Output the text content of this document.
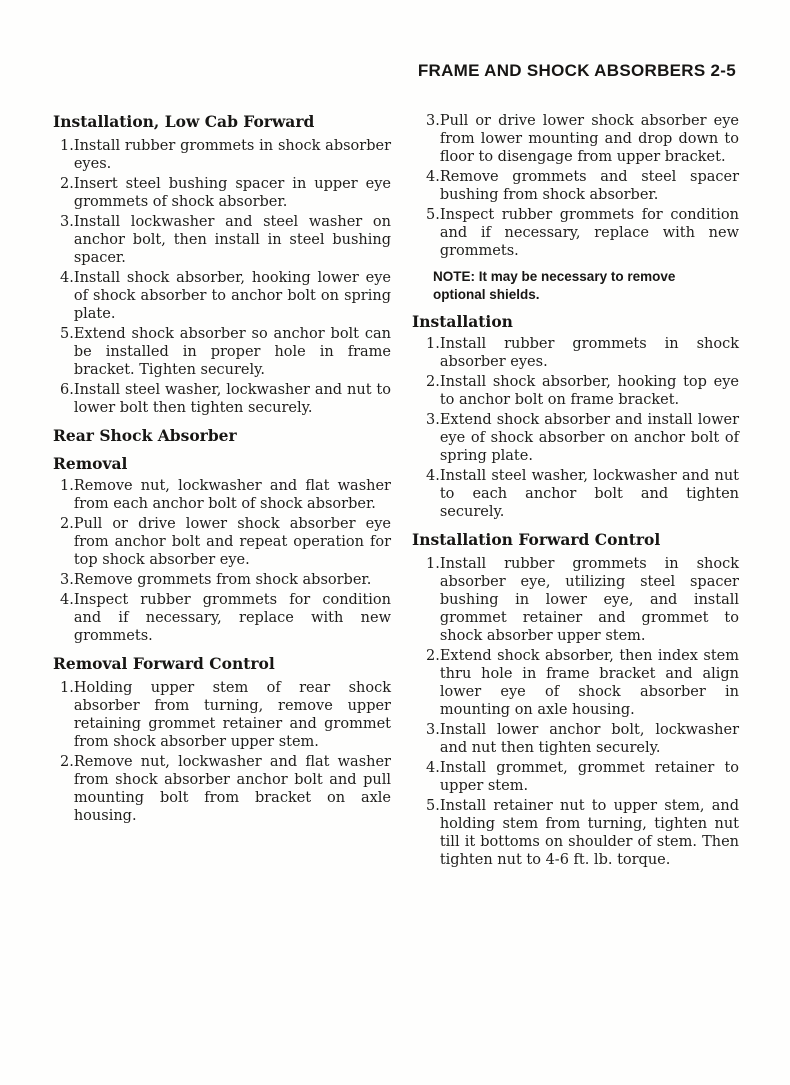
FRAME AND SHOCK ABSORBERS 2-5
Installation, Low Cab Forward
1. Install rubber grommets in shock absorber eyes.
2. Insert steel bushing spacer in upper eye grommets of shock absorber.
3. Install lockwasher and steel washer on anchor bolt, then install in steel bushing spacer.
4. Install shock absorber, hooking lower eye of shock absorber to anchor bolt on spring plate.
5. Extend shock absorber so anchor bolt can be installed in proper hole in frame bracket. Tighten securely.
6. Install steel washer, lockwasher and nut to lower bolt then tighten securely.
Rear Shock Absorber
Removal
1. Remove nut, lockwasher and flat washer from each anchor bolt of shock absorber.
2. Pull or drive lower shock absorber eye from anchor bolt and repeat operation for top shock absorber eye.
3. Remove grommets from shock absorber.
4. Inspect rubber grommets for condition and if necessary, replace with new grommets.
Removal Forward Control
1. Holding upper stem of rear shock absorber from turning, remove upper retaining grommet retainer and grommet from shock absorber upper stem.
2. Remove nut, lockwasher and flat washer from shock absorber anchor bolt and pull mounting bolt from bracket on axle housing.
3. Pull or drive lower shock absorber eye from lower mounting and drop down to floor to disengage from upper bracket.
4. Remove grommets and steel spacer bushing from shock absorber.
5. Inspect rubber grommets for condition and if necessary, replace with new grommets.
NOTE: It may be necessary to remove optional shields.
Installation
1. Install rubber grommets in shock absorber eyes.
2. Install shock absorber, hooking top eye to anchor bolt on frame bracket.
3. Extend shock absorber and install lower eye of shock absorber on anchor bolt of spring plate.
4. Install steel washer, lockwasher and nut to each anchor bolt and tighten securely.
Installation Forward Control
1. Install rubber grommets in shock absorber eye, utilizing steel spacer bushing in lower eye, and install grommet retainer and grommet to shock absorber upper stem.
2. Extend shock absorber, then index stem thru hole in frame bracket and align lower eye of shock absorber in mounting on axle housing.
3. Install lower anchor bolt, lockwasher and nut then tighten securely.
4. Install grommet, grommet retainer to upper stem.
5. Install retainer nut to upper stem, and holding stem from turning, tighten nut till it bottoms on shoulder of stem. Then tighten nut to 4-6 ft. lb. torque.
